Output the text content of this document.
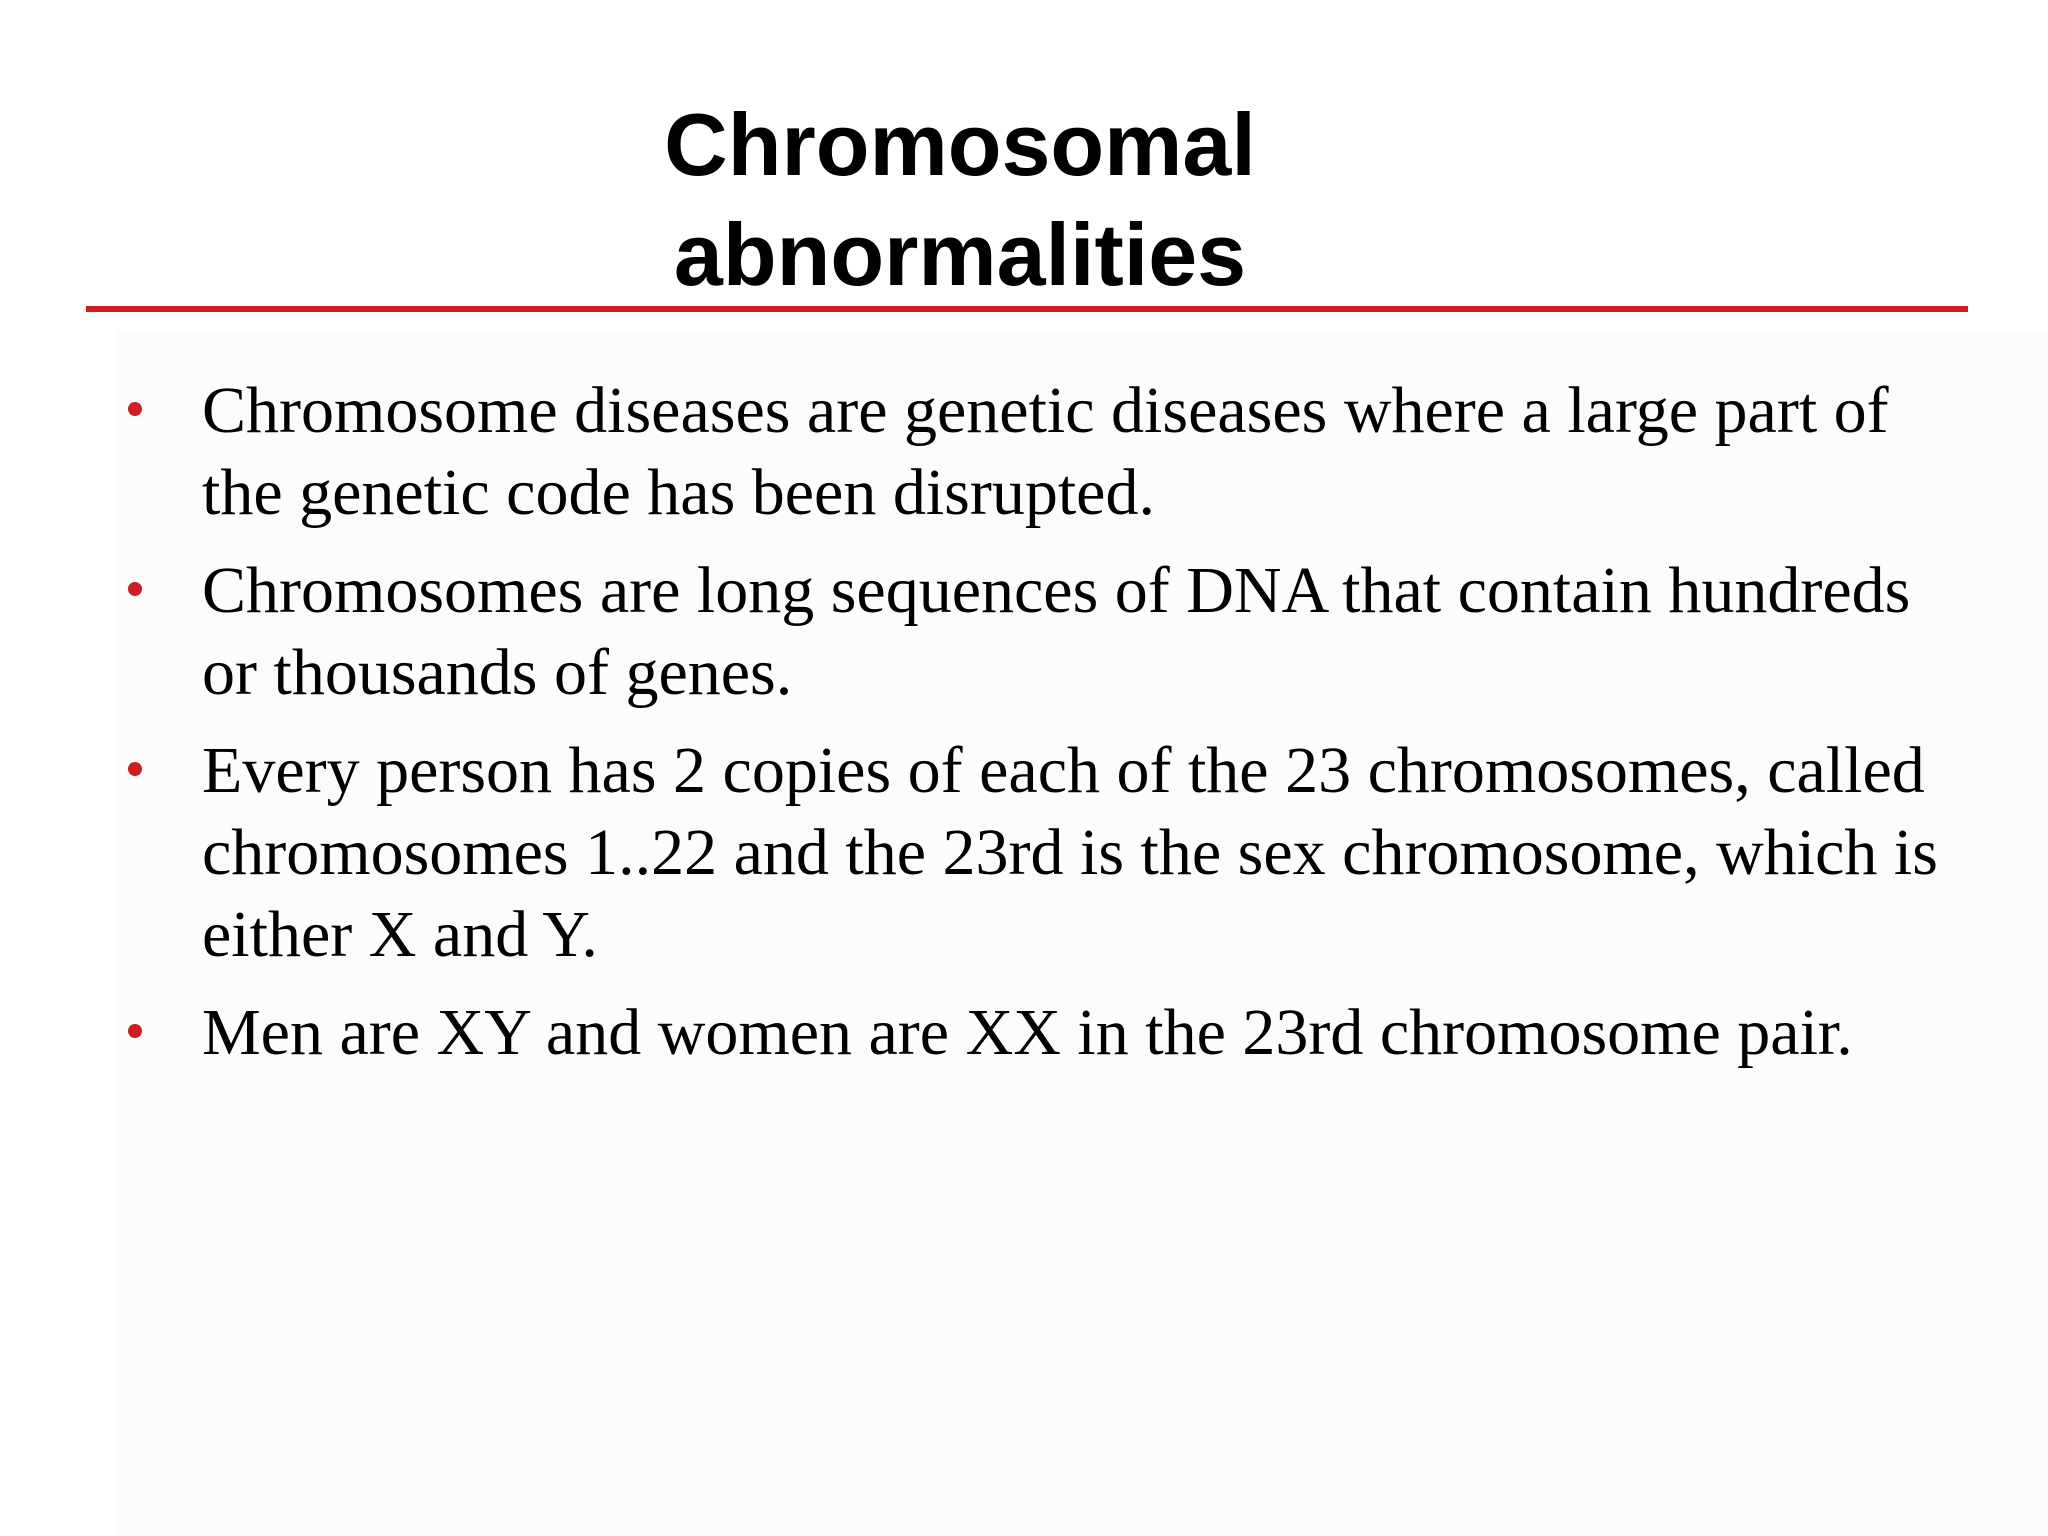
Chromosomal
abnormalities
Chromosome diseases are genetic diseases where a large part of the genetic code has been disrupted.
Chromosomes are long sequences of DNA that contain hundreds or thousands of genes.
Every person has 2 copies of each of the 23 chromosomes, called chromosomes 1..22 and the 23rd is the sex chromosome, which is either X and Y.
Men are XY and women are XX in the 23rd chromosome pair.
